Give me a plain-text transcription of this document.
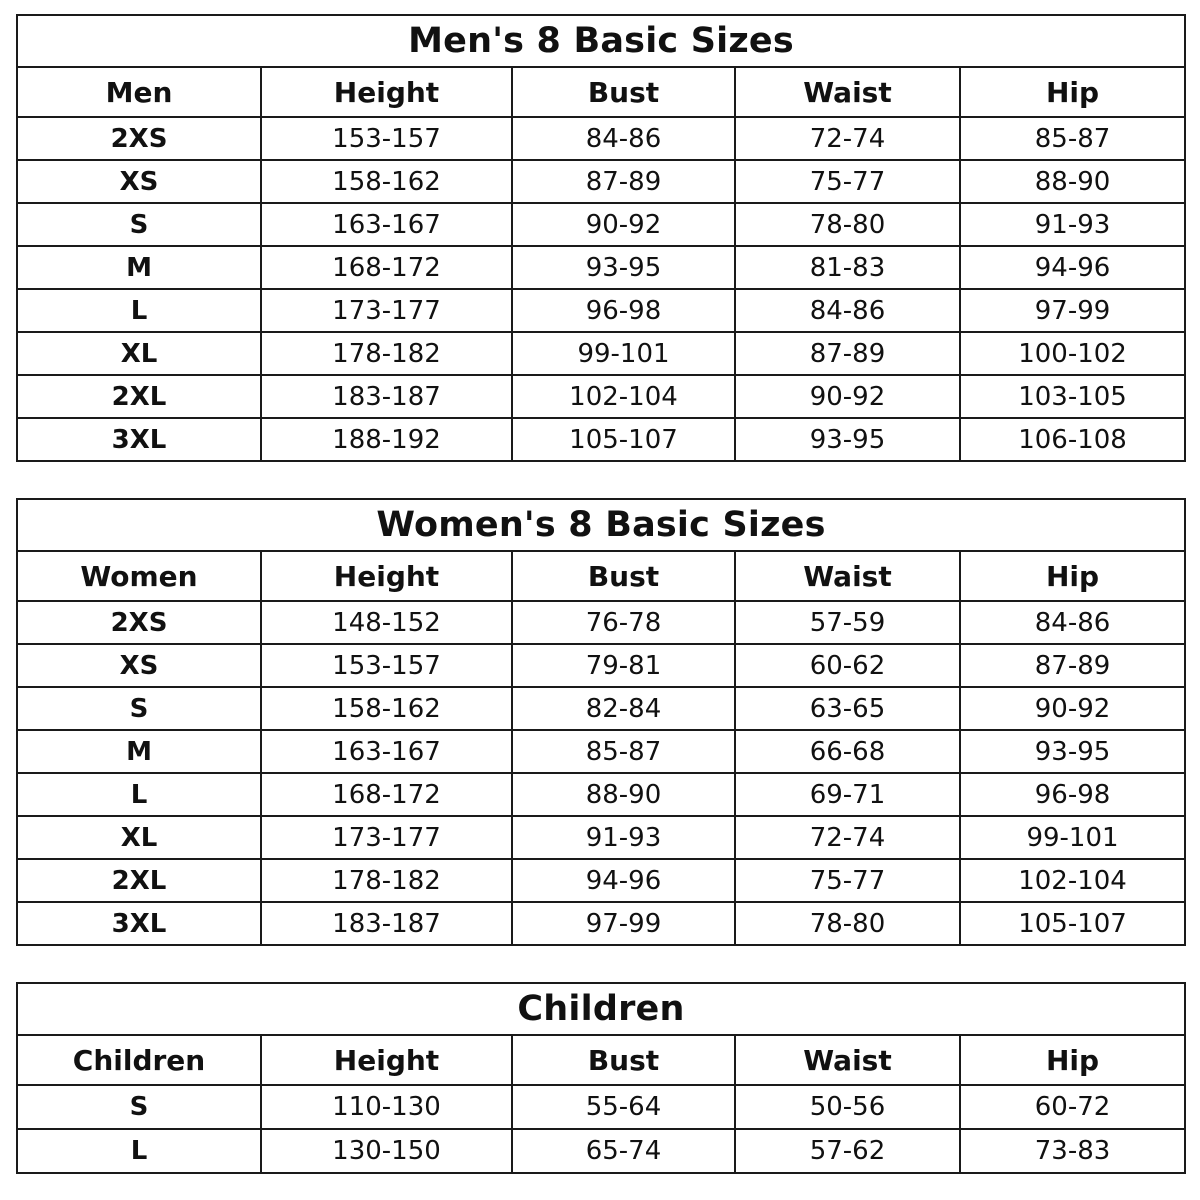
Men's 8 Basic Sizes				
Men	Height	Bust	Waist	Hip
2XS	153-157	84-86	72-74	85-87
XS	158-162	87-89	75-77	88-90
S	163-167	90-92	78-80	91-93
M	168-172	93-95	81-83	94-96
L	173-177	96-98	84-86	97-99
XL	178-182	99-101	87-89	100-102
2XL	183-187	102-104	90-92	103-105
3XL	188-192	105-107	93-95	106-108
Women's 8 Basic Sizes				
Women	Height	Bust	Waist	Hip
2XS	148-152	76-78	57-59	84-86
XS	153-157	79-81	60-62	87-89
S	158-162	82-84	63-65	90-92
M	163-167	85-87	66-68	93-95
L	168-172	88-90	69-71	96-98
XL	173-177	91-93	72-74	99-101
2XL	178-182	94-96	75-77	102-104
3XL	183-187	97-99	78-80	105-107
Children				
Children	Height	Bust	Waist	Hip
S	110-130	55-64	50-56	60-72
L	130-150	65-74	57-62	73-83
